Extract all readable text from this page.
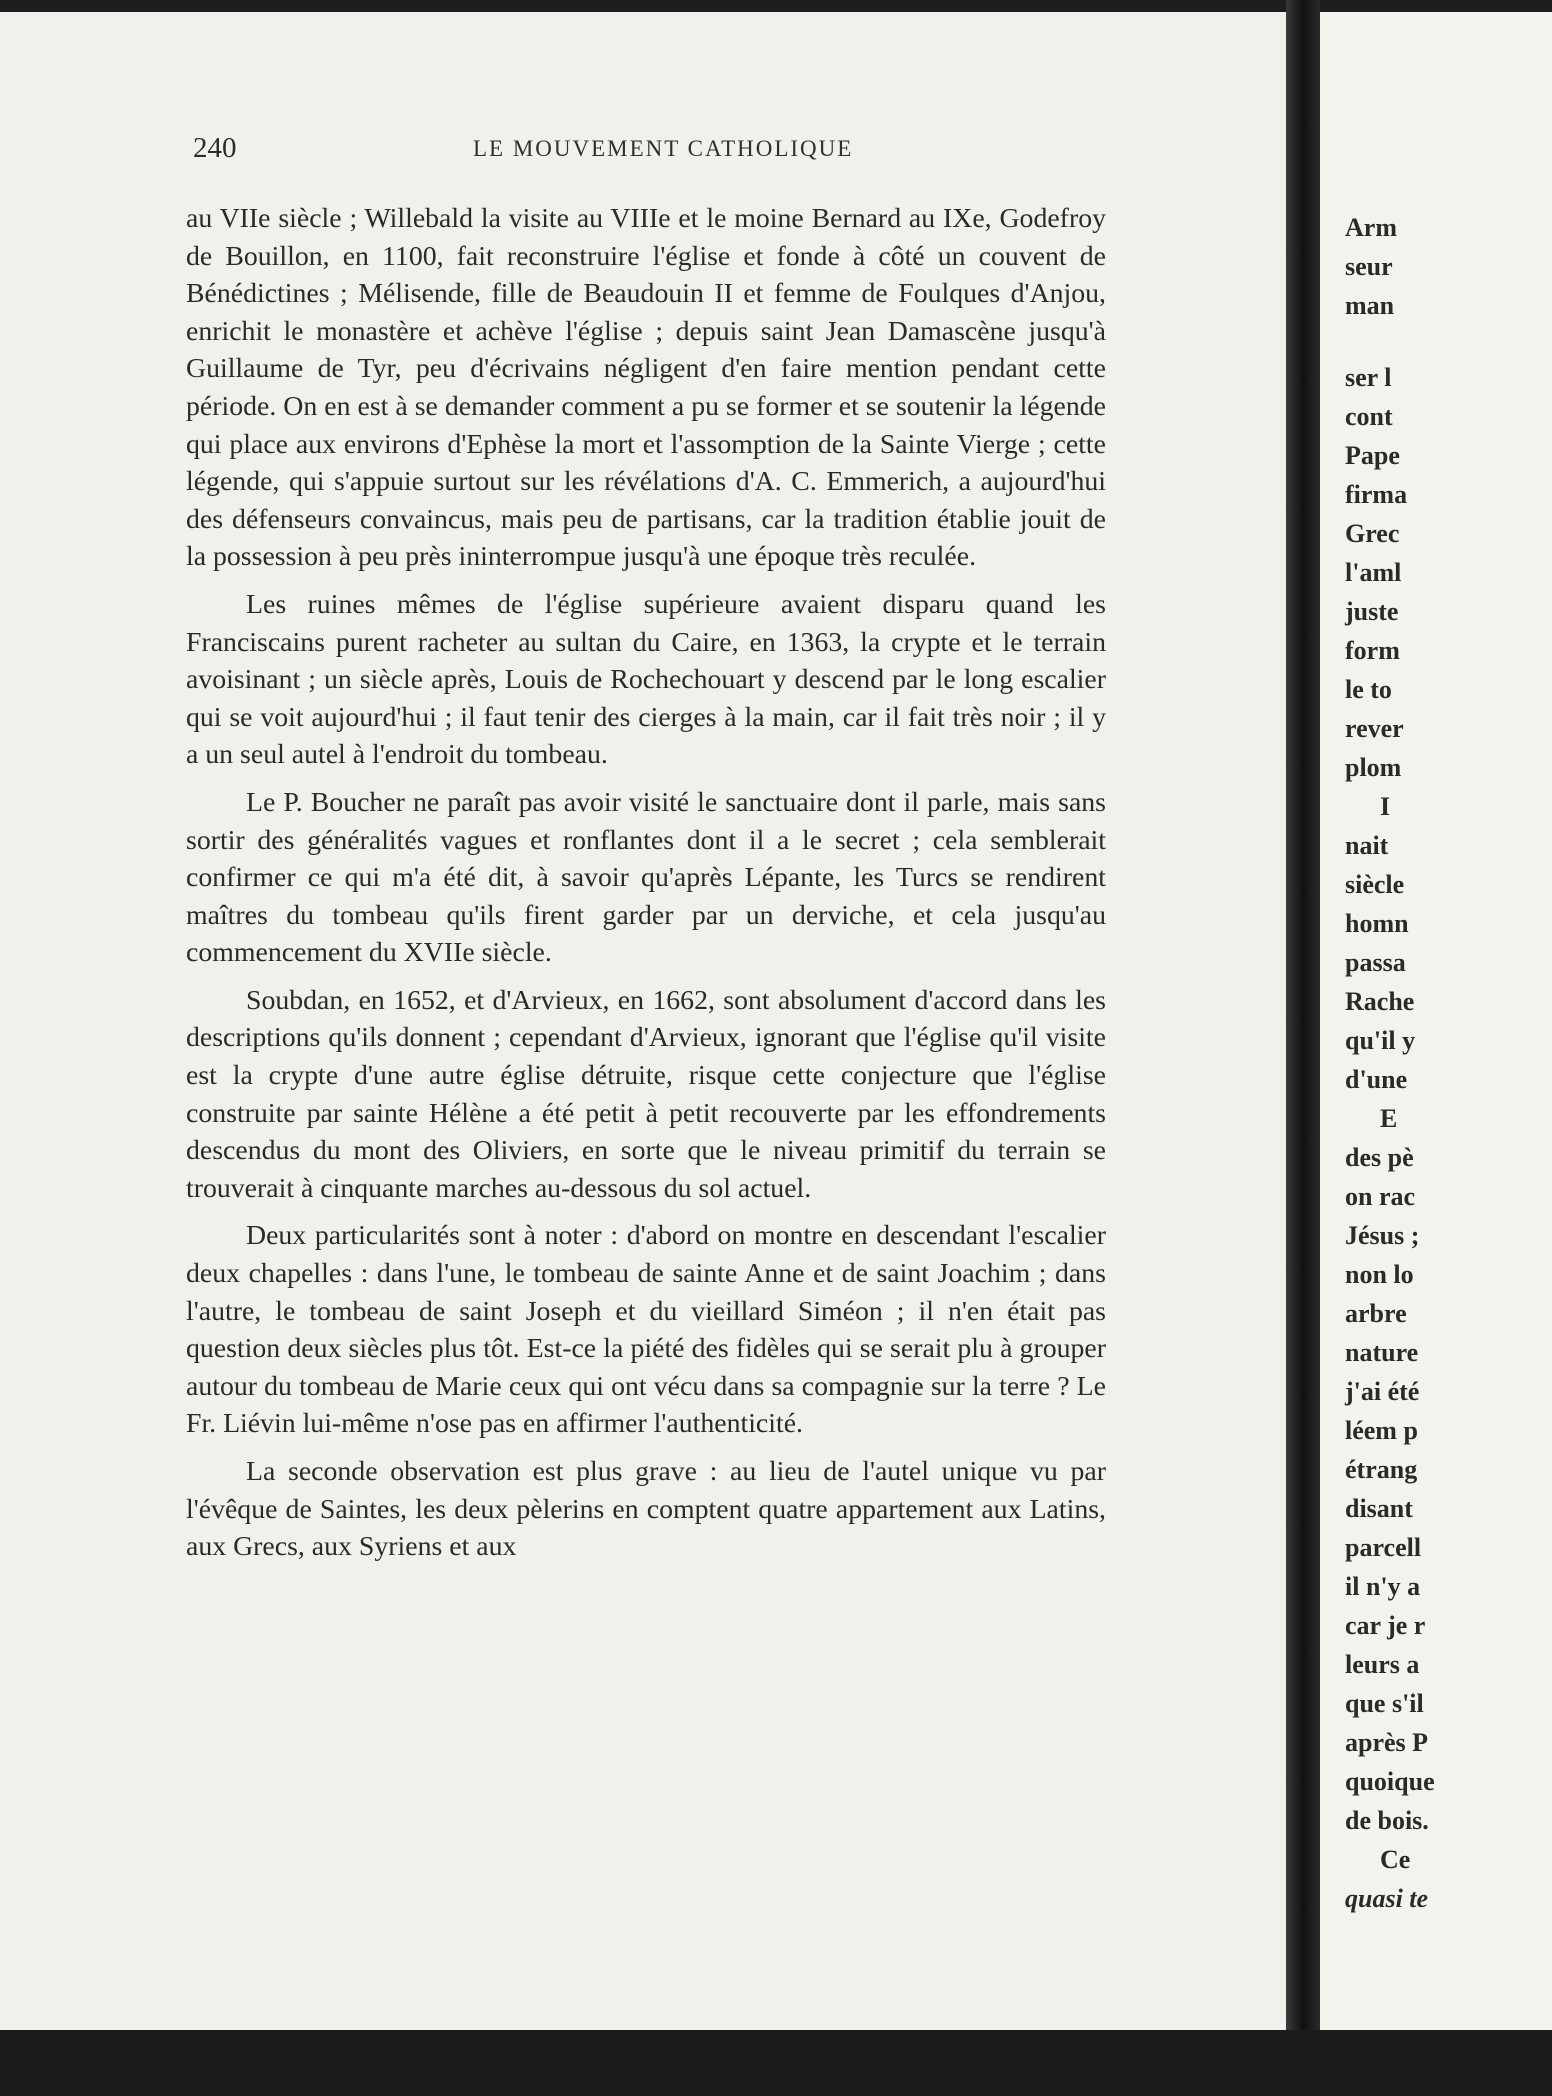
240	LE MOUVEMENT CATHOLIQUE

au VIIe siècle ; Willebald la visite au VIIIe et le moine Bernard au IXe, Godefroy de Bouillon, en 1100, fait reconstruire l'église et fonde à côté un couvent de Bénédictines ; Mélisende, fille de Beaudouin II et femme de Foulques d'Anjou, enrichit le monastère et achève l'église ; depuis saint Jean Damascène jusqu'à Guillaume de Tyr, peu d'écrivains négligent d'en faire mention pendant cette période. On en est à se demander comment a pu se former et se soutenir la légende qui place aux environs d'Ephèse la mort et l'assomption de la Sainte Vierge ; cette légende, qui s'appuie surtout sur les révélations d'A. C. Emmerich, a aujourd'hui des défenseurs convaincus, mais peu de partisans, car la tradition établie jouit de la possession à peu près ininterrompue jusqu'à une époque très reculée.

Les ruines mêmes de l'église supérieure avaient disparu quand les Franciscains purent racheter au sultan du Caire, en 1363, la crypte et le terrain avoisinant ; un siècle après, Louis de Rochechouart y descend par le long escalier qui se voit aujourd'hui ; il faut tenir des cierges à la main, car il fait très noir ; il y a un seul autel à l'endroit du tombeau.

Le P. Boucher ne paraît pas avoir visité le sanctuaire dont il parle, mais sans sortir des généralités vagues et ronflantes dont il a le secret ; cela semblerait confirmer ce qui m'a été dit, à savoir qu'après Lépante, les Turcs se rendirent maîtres du tombeau qu'ils firent garder par un derviche, et cela jusqu'au commencement du XVIIe siècle.

Soubdan, en 1652, et d'Arvieux, en 1662, sont absolument d'accord dans les descriptions qu'ils donnent ; cependant d'Arvieux, ignorant que l'église qu'il visite est la crypte d'une autre église détruite, risque cette conjecture que l'église construite par sainte Hélène a été petit à petit recouverte par les effondrements descendus du mont des Oliviers, en sorte que le niveau primitif du terrain se trouverait à cinquante marches au-dessous du sol actuel.

Deux particularités sont à noter : d'abord on montre en descendant l'escalier deux chapelles : dans l'une, le tombeau de sainte Anne et de saint Joachim ; dans l'autre, le tombeau de saint Joseph et du vieillard Siméon ; il n'en était pas question deux siècles plus tôt. Est-ce la piété des fidèles qui se serait plu à grouper autour du tombeau de Marie ceux qui ont vécu dans sa compagnie sur la terre ? Le Fr. Liévin lui-même n'ose pas en affirmer l'authenticité.

La seconde observation est plus grave : au lieu de l'autel unique vu par l'évêque de Saintes, les deux pèlerins en comptent quatre appartement aux Latins, aux Grecs, aux Syriens et aux

Arm
seur
man
ser l
cont
Pape
firma
Grec
l'aml
juste
form
le to
rever
plom
I
nait
siècle
homn
passa
Rache
qu'il y
d'une
E
des pè
on rac
Jésus ;
non lo
arbre
nature
j'ai été
léem p
étrang
disant
parcell
il n'y a
car je r
leurs a
que s'il
après P
quoique
de bois.
Ce
quasi te
